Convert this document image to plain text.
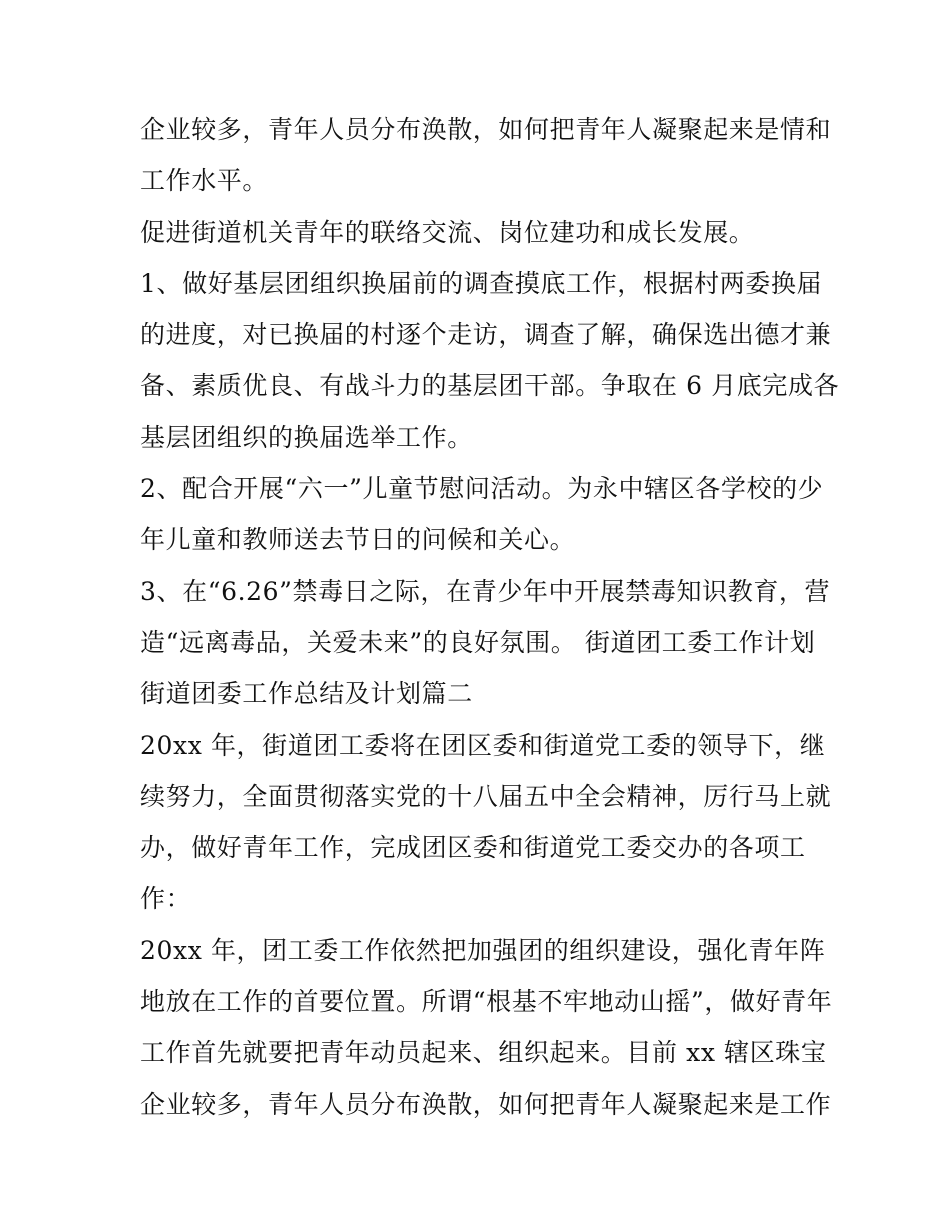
企业较多，青年人员分布涣散，如何把青年人凝聚起来是情和
工作水平。
促进街道机关青年的联络交流、岗位建功和成长发展。
1、做好基层团组织换届前的调查摸底工作，根据村两委换届
的进度，对已换届的村逐个走访，调查了解，确保选出德才兼
备、素质优良、有战斗力的基层团干部。争取在 6 月底完成各
基层团组织的换届选举工作。
2、配合开展“六一”儿童节慰问活动。为永中辖区各学校的少
年儿童和教师送去节日的问候和关心。
3、在“6.26”禁毒日之际，在青少年中开展禁毒知识教育，营
造“远离毒品，关爱未来”的良好氛围。 街道团工委工作计划
街道团委工作总结及计划篇二
20xx 年，街道团工委将在团区委和街道党工委的领导下，继
续努力，全面贯彻落实党的十八届五中全会精神，厉行马上就
办，做好青年工作，完成团区委和街道党工委交办的各项工
作：
20xx 年，团工委工作依然把加强团的组织建设，强化青年阵
地放在工作的首要位置。所谓“根基不牢地动山摇”，做好青年
工作首先就要把青年动员起来、组织起来。目前 xx 辖区珠宝
企业较多，青年人员分布涣散，如何把青年人凝聚起来是工作
